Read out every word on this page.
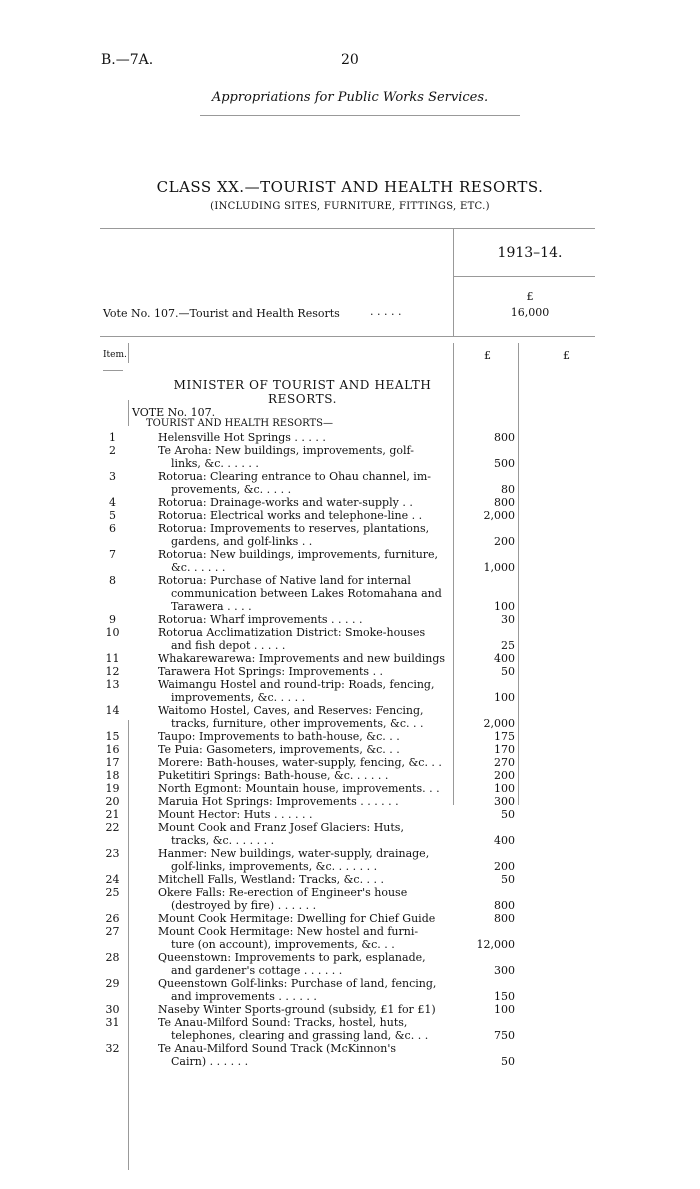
B.—7A.	20
Appropriations for Public Works Services.
CLASS XX.—TOURIST AND HEALTH RESORTS.
(INCLUDING SITES, FURNITURE, FITTINGS, ETC.)
1913–14.
Vote No. 107.—Tourist and Health Resorts	. . . . .
£
16,000
Item.	£	£
MINISTER OF TOURIST AND HEALTH
RESORTS.
VOTE No. 107.
TOURIST AND HEALTH RESORTS—
1	Helensville Hot Springs . . . . .	800
2	Te Aroha: New buildings, improvements, golf-
links, &c. . . . . .	500
3	Rotorua: Clearing entrance to Ohau channel, im-
provements, &c. . . . .	80
4	Rotorua: Drainage-works and water-supply . .	800
5	Rotorua: Electrical works and telephone-line . .	2,000
6	Rotorua: Improvements to reserves, plantations,
gardens, and golf-links . .	200
7	Rotorua: New buildings, improvements, furniture,
&c. . . . . .	1,000
8	Rotorua: Purchase of Native land for internal
communication between Lakes Rotomahana and
Tarawera . . . .	100
9	Rotorua: Wharf improvements . . . . .	30
10	Rotorua Acclimatization District: Smoke-houses
and fish depot . . . . .	25
11	Whakarewarewa: Improvements and new buildings	400
12	Tarawera Hot Springs: Improvements . .	50
13	Waimangu Hostel and round-trip: Roads, fencing,
improvements, &c. . . . .	100
14	Waitomo Hostel, Caves, and Reserves: Fencing,
tracks, furniture, other improvements, &c. . .	2,000
15	Taupo: Improvements to bath-house, &c. . .	175
16	Te Puia: Gasometers, improvements, &c. . .	170
17	Morere: Bath-houses, water-supply, fencing, &c. . .	270
18	Puketitiri Springs: Bath-house, &c. . . . . .	200
19	North Egmont: Mountain house, improvements. . .	100
20	Maruia Hot Springs: Improvements . . . . . .	300
21	Mount Hector: Huts . . . . . .	50
22	Mount Cook and Franz Josef Glaciers: Huts,
tracks, &c. . . . . . .	400
23	Hanmer: New buildings, water-supply, drainage,
golf-links, improvements, &c. . . . . . .	200
24	Mitchell Falls, Westland: Tracks, &c. . . .	50
25	Okere Falls: Re-erection of Engineer's house
(destroyed by fire) . . . . . .	800
26	Mount Cook Hermitage: Dwelling for Chief Guide	800
27	Mount Cook Hermitage: New hostel and furni-
ture (on account), improvements, &c. . .	12,000
28	Queenstown: Improvements to park, esplanade,
and gardener's cottage . . . . . .	300
29	Queenstown Golf-links: Purchase of land, fencing,
and improvements . . . . . .	150
30	Naseby Winter Sports-ground (subsidy, £1 for £1)	100
31	Te Anau-Milford Sound: Tracks, hostel, huts,
telephones, clearing and grassing land, &c. . .	750
32	Te Anau-Milford Sound Track (McKinnon's
Cairn) . . . . . .	50
